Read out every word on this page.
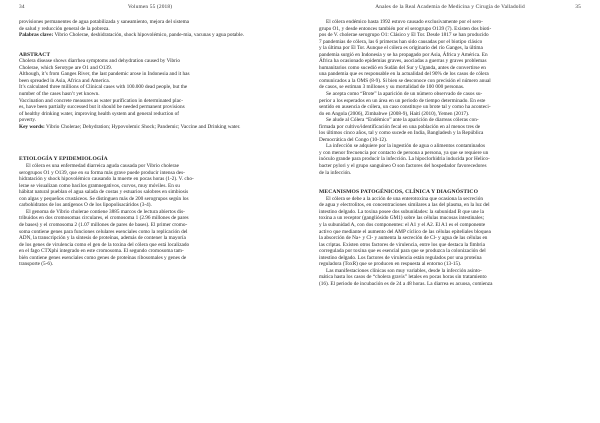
34	Volumen 55 (2018)

provisiones permanentes de agua potabilizada y saneamiento, mejora del sistema

de salud y reducción general de la pobreza.

Palabras clave: Vibrio Cholerae, deshidratación, shock hipovolémico, pande-mia, vacunas y agua potable.

ABSTRACT

Cholera disease shows diarrhea symptoms and dehydration caused by Vibrio

Cholerae, which Serotype are O1 and O139.

Although, it’s from Ganges River, the last pandemic arose in Indonesia and it has

been spreaded in Asia, Africa and America.

It’s calculated three millions of Clinical cases with 100.000 dead people, but the

number of the cases hasn’t yet known.

Vaccination and concrete measures as water purification in determinated plac-

es, have been partially successed but it should be needed permanent provisions

of healthy drinking water, improving health system and general reduction of

poverty.

Key words: Vibrio Cholerae; Dehydration; Hypovolemic Shock; Pandemic; Vaccine and Drinking water.

ETIOLOGÍA Y EPIDEMIOLOGÍA

El cólera es una enfermedad diarreica aguda causada por Vibrio cholerae

serogrupos O1 y O139, que en su forma más grave puede producir intensa des-

hidratación y shock hipovolémico causando la muerte en pocas horas (1-2). V. cho-

lerae se visualizan como bacilos gramnegativos, curvos, muy móviles. En su

hábitat natural pueblan el agua salada de costas y estuarios salobres en simbiosis

con algas y pequeños crustáceos. Se distinguen más de 200 serogrupos según los

carbohidratos de los antígenos O de los lipopolisacáridos (3-4).

El genoma de Vibrio cholerae contiene 3885 marcos de lectura abiertos dis-

tribuidos en dos cromosomas circulares, el cromosoma 1 (2.96 millones de pares

de bases) y el cromosoma 2 (1.07 millones de pares de bases). El primer cromo-

soma contiene genes para funciones celulares esenciales como la replicación del

ADN, la transcripción y la síntesis de proteínas, además de contener la mayoría

de los genes de virulencia como el gen de la toxina del cólera que está localizado

en el fago CTXphi integrado en este cromosoma. El segundo cromosoma tam-

bién contiene genes esenciales como genes de proteínas ribosomales y genes de

transporte (5-6).

Anales de la Real Academia de Medicina y Cirugía de Valladolid	35

El cólera endémico hasta 1992 estuvo causado exclusivamente por el sero-

grupo O1, y desde entonces también por el serogrupo O139 (7). Existen dos bioti-

pos de V. cholerae serogrupo O1: Clásico y El Tor. Desde 1817 se han producido

7 pandemias de cólera, las 6 primeras han sido causadas por el biotipo clásico

y la última por El Tor. Aunque el cólera es originario del río Ganges, la última

pandemia surgió en Indonesia y se ha propagado por Asia, África y América. En

África ha ocasionado epidemias graves, asociadas a guerras y graves problemas

humanitarios como sucedió en Sudán del Sur y Uganda, antes de convertirse en

una pandemia que es responsable en la actualidad del 90% de los casos de cólera

comunicados a la OMS (8-9). Si bien se desconoce con precisión el número anual

de casos, se estiman 3 millones y su mortalidad de 100 000 personas.

Se acepta como “Brote” la aparición de un número observado de casos su-

perior a los esperados en un área en un periodo de tiempo determinado. En este

sentido en ausencia de cólera, un caso constituye un brote tal y como ha aconteci-

do en Angola (2006), Zimbabwe (2008-9), Haití (2010), Yemen (2017).

Se alude al Cólera “Endémico” ante la aparición de diarreas cóleras con-

firmada por cultivo/identificación fecal en una población en al menos tres de

los últimos cinco años, tal y como sucede en India, Bangladesh y la República

Democrática del Congo (10-12).

La infección se adquiere por la ingestión de agua o alimentos contaminados

y con menor frecuencia por contacto de persona a persona, ya que se requiere un

inóculo grande para producir la infección. La hipoclorhidria inducida por Helico-

bacter pylori y el grupo sanguíneo O son factores del hospedador favorecedores

de la infección.

MECANISMOS PATOGÉNICOS, CLÍNICA Y DIAGNÓSTICO

El cólera se debe a la acción de una enterotoxina que ocasiona la secreción

de agua y electrolitos, en concentraciones similares a las del plasma, en la luz del

intestino delgado. La toxina posee dos subunidades: la subunidad B que une la

toxina a un receptor (gangliósido GM1) sobre las células mucosas intestinales;

y la subunidad A, con dos componentes: el A1 y el A2. El A1 es el componente

activo que mediante el aumento del AMP cíclico de las células epiteliales bloquea

la absorción de Na+ y Cl- y aumenta la secreción de Cl- y agua de las células en

las criptas. Existen otros factores de virulencia, entre los que destaca la fimbria

corregulada por toxina que es esencial para que se produzca la colonización del

intestino delgado. Los factores de virulencia están regulados por una proteína

reguladora (ToxR) que se producen en respuesta al entorno (13-15).

Las manifestaciones clínicas son muy variables, desde la infección asinto-

mática hasta los casos de “cholera gravis” letales en pocas horas sin tratamiento

(16). El periodo de incubación es de 24 a 48 horas. La diarrea es acuosa, comienza
